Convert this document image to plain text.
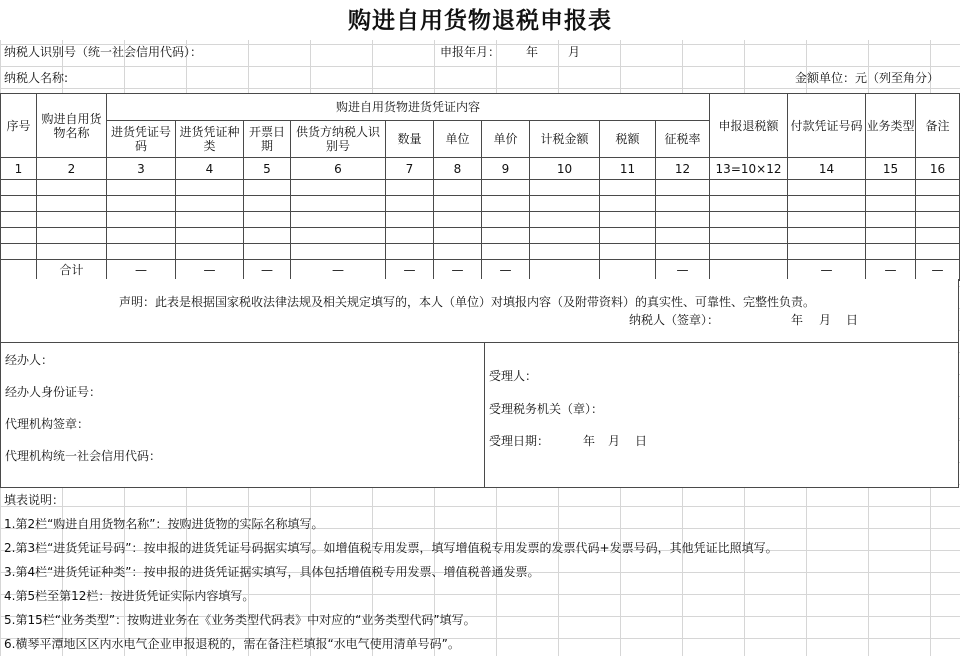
购进自用货物退税申报表
纳税人识别号（统一社会信用代码）：	申报年月： 年 月
纳税人名称:	金额单位：元（列至角分）
序号	购进自用货物名称	购进自用货物进货凭证内容										申报退税额	付款凭证号码	业务类型	备注
		进货凭证号码	进货凭证种类	开票日期	供货方纳税人识别号	数量	单位	单价	计税金额	税额	征税率				
1	2	3	4	5	6	7	8	9	10	11	12	13=10×12	14	15	16

	合计	—	—	—	—	—	—	—			—		—	—	—
声明：此表是根据国家税收法律法规及相关规定填写的，本人（单位）对填报内容（及附带资料）的真实性、可靠性、完整性负责。
纳税人（签章）：	年 月 日
经办人：
经办人身份证号：
代理机构签章：
代理机构统一社会信用代码：
受理人：
受理税务机关（章）：
受理日期：	年 月 日
填表说明：
1.第2栏“购进自用货物名称”：按购进货物的实际名称填写。
2.第3栏“进货凭证号码”：按申报的进货凭证号码据实填写。如增值税专用发票，填写增值税专用发票的发票代码+发票号码，其他凭证比照填写。
3.第4栏“进货凭证种类”：按申报的进货凭证据实填写，具体包括增值税专用发票、增值税普通发票。
4.第5栏至第12栏：按进货凭证实际内容填写。
5.第15栏“业务类型”：按购进业务在《业务类型代码表》中对应的“业务类型代码”填写。
6.横琴平潭地区区内水电气企业申报退税的，需在备注栏填报“水电气使用清单号码”。
